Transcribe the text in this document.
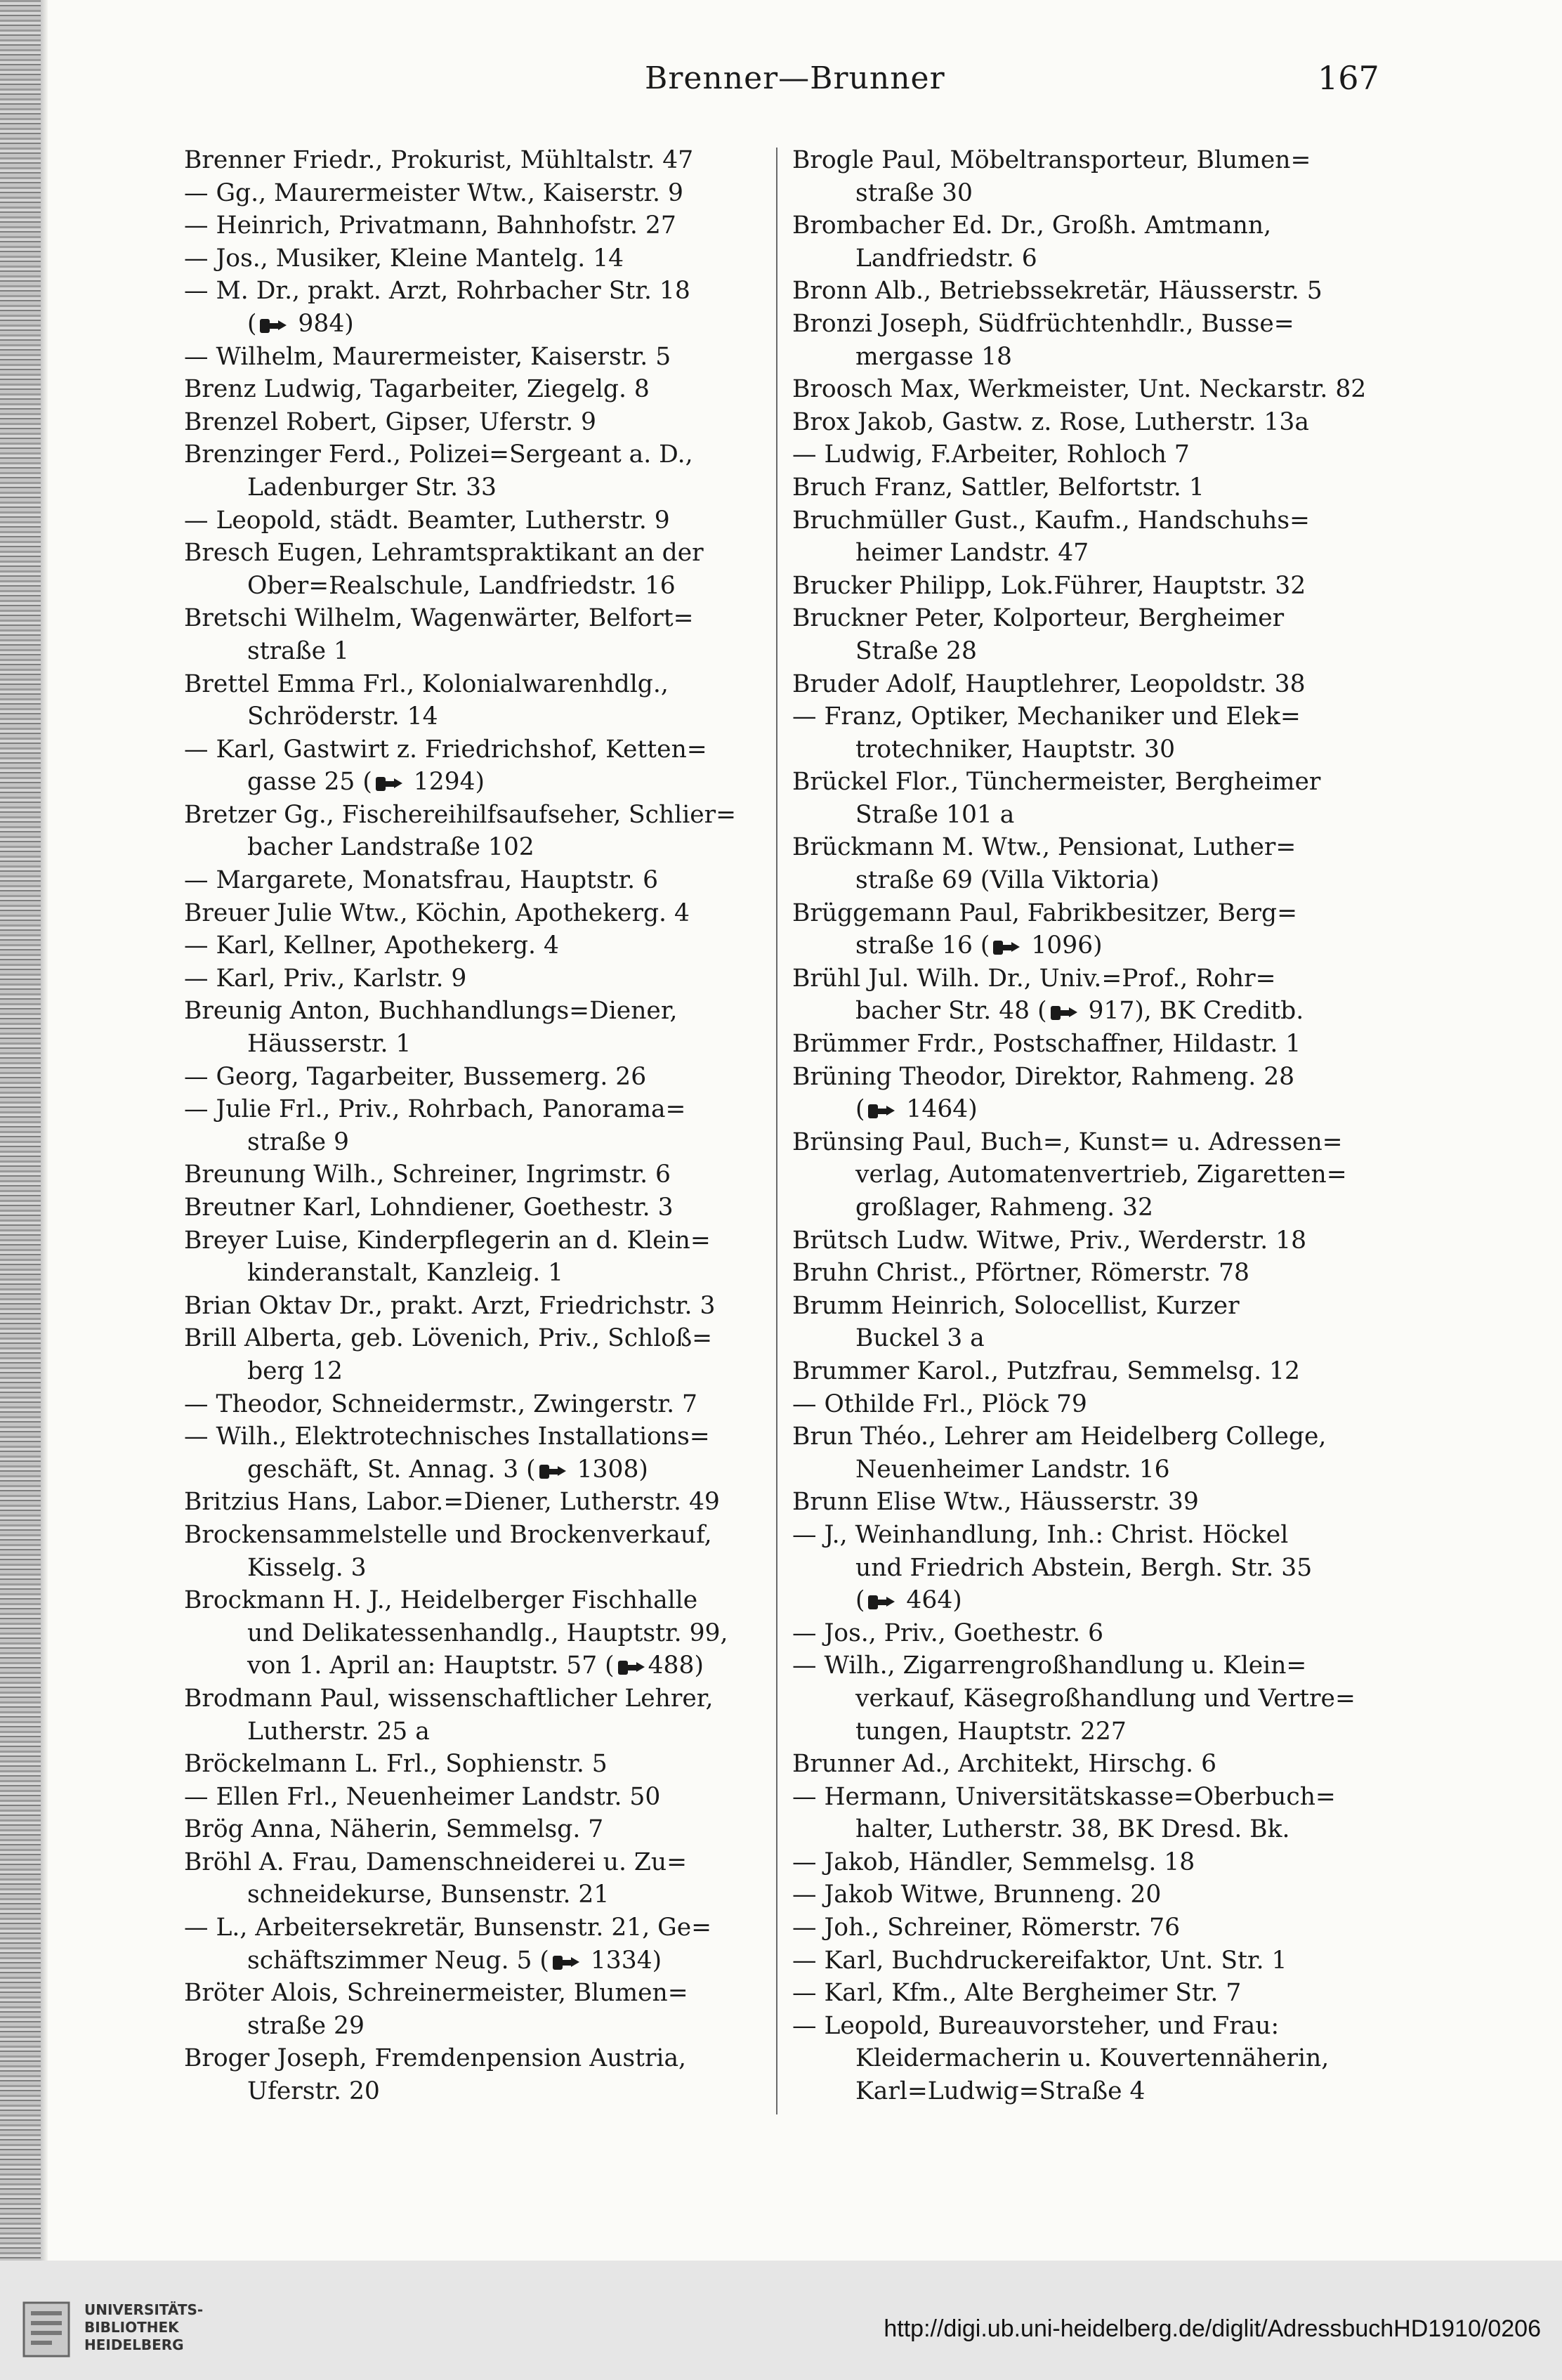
Brenner—Brunner	167
Brenner Friedr., Prokurist, Mühltalstr. 47
— Gg., Maurermeister Wtw., Kaiserstr. 9
— Heinrich, Privatmann, Bahnhofstr. 27
— Jos., Musiker, Kleine Mantelg. 14
— M. Dr., prakt. Arzt, Rohrbacher Str. 18
( 984)
— Wilhelm, Maurermeister, Kaiserstr. 5
Brenz Ludwig, Tagarbeiter, Ziegelg. 8
Brenzel Robert, Gipser, Uferstr. 9
Brenzinger Ferd., Polizei=Sergeant a. D.,
Ladenburger Str. 33
— Leopold, städt. Beamter, Lutherstr. 9
Bresch Eugen, Lehramtspraktikant an der
Ober=Realschule, Landfriedstr. 16
Bretschi Wilhelm, Wagenwärter, Belfort=
straße 1
Brettel Emma Frl., Kolonialwarenhdlg.,
Schröderstr. 14
— Karl, Gastwirt z. Friedrichshof, Ketten=
gasse 25 ( 1294)
Bretzer Gg., Fischereihilfsaufseher, Schlier=
bacher Landstraße 102
— Margarete, Monatsfrau, Hauptstr. 6
Breuer Julie Wtw., Köchin, Apothekerg. 4
— Karl, Kellner, Apothekerg. 4
— Karl, Priv., Karlstr. 9
Breunig Anton, Buchhandlungs=Diener,
Häusserstr. 1
— Georg, Tagarbeiter, Bussemerg. 26
— Julie Frl., Priv., Rohrbach, Panorama=
straße 9
Breunung Wilh., Schreiner, Ingrimstr. 6
Breutner Karl, Lohndiener, Goethestr. 3
Breyer Luise, Kinderpflegerin an d. Klein=
kinderanstalt, Kanzleig. 1
Brian Oktav Dr., prakt. Arzt, Friedrichstr. 3
Brill Alberta, geb. Lövenich, Priv., Schloß=
berg 12
— Theodor, Schneidermstr., Zwingerstr. 7
— Wilh., Elektrotechnisches Installations=
geschäft, St. Annag. 3 ( 1308)
Britzius Hans, Labor.=Diener, Lutherstr. 49
Brockensammelstelle und Brockenverkauf,
Kisselg. 3
Brockmann H. J., Heidelberger Fischhalle
und Delikatessenhandlg., Hauptstr. 99,
von 1. April an: Hauptstr. 57 ( 488)
Brodmann Paul, wissenschaftlicher Lehrer,
Lutherstr. 25 a
Bröckelmann L. Frl., Sophienstr. 5
— Ellen Frl., Neuenheimer Landstr. 50
Brög Anna, Näherin, Semmelsg. 7
Bröhl A. Frau, Damenschneiderei u. Zu=
schneidekurse, Bunsenstr. 21
— L., Arbeitersekretär, Bunsenstr. 21, Ge=
schäftszimmer Neug. 5 ( 1334)
Bröter Alois, Schreinermeister, Blumen=
straße 29
Broger Joseph, Fremdenpension Austria,
Uferstr. 20
Brogle Paul, Möbeltransporteur, Blumen=
straße 30
Brombacher Ed. Dr., Großh. Amtmann,
Landfriedstr. 6
Bronn Alb., Betriebssekretär, Häusserstr. 5
Bronzi Joseph, Südfrüchtenhdlr., Busse=
mergasse 18
Broosch Max, Werkmeister, Unt. Neckarstr. 82
Brox Jakob, Gastw. z. Rose, Lutherstr. 13a
— Ludwig, F.Arbeiter, Rohloch 7
Bruch Franz, Sattler, Belfortstr. 1
Bruchmüller Gust., Kaufm., Handschuhs=
heimer Landstr. 47
Brucker Philipp, Lok.Führer, Hauptstr. 32
Bruckner Peter, Kolporteur, Bergheimer
Straße 28
Bruder Adolf, Hauptlehrer, Leopoldstr. 38
— Franz, Optiker, Mechaniker und Elek=
trotechniker, Hauptstr. 30
Brückel Flor., Tünchermeister, Bergheimer
Straße 101 a
Brückmann M. Wtw., Pensionat, Luther=
straße 69 (Villa Viktoria)
Brüggemann Paul, Fabrikbesitzer, Berg=
straße 16 ( 1096)
Brühl Jul. Wilh. Dr., Univ.=Prof., Rohr=
bacher Str. 48 ( 917), BK Creditb.
Brümmer Frdr., Postschaffner, Hildastr. 1
Brüning Theodor, Direktor, Rahmeng. 28
( 1464)
Brünsing Paul, Buch=, Kunst= u. Adressen=
verlag, Automatenvertrieb, Zigaretten=
großlager, Rahmeng. 32
Brütsch Ludw. Witwe, Priv., Werderstr. 18
Bruhn Christ., Pförtner, Römerstr. 78
Brumm Heinrich, Solocellist, Kurzer
Buckel 3 a
Brummer Karol., Putzfrau, Semmelsg. 12
— Othilde Frl., Plöck 79
Brun Théo., Lehrer am Heidelberg College,
Neuenheimer Landstr. 16
Brunn Elise Wtw., Häusserstr. 39
— J., Weinhandlung, Inh.: Christ. Höckel
und Friedrich Abstein, Bergh. Str. 35
( 464)
— Jos., Priv., Goethestr. 6
— Wilh., Zigarrengroßhandlung u. Klein=
verkauf, Käsegroßhandlung und Vertre=
tungen, Hauptstr. 227
Brunner Ad., Architekt, Hirschg. 6
— Hermann, Universitätskasse=Oberbuch=
halter, Lutherstr. 38, BK Dresd. Bk.
— Jakob, Händler, Semmelsg. 18
— Jakob Witwe, Brunneng. 20
— Joh., Schreiner, Römerstr. 76
— Karl, Buchdruckereifaktor, Unt. Str. 1
— Karl, Kfm., Alte Bergheimer Str. 7
— Leopold, Bureauvorsteher, und Frau:
Kleidermacherin u. Kouvertennäherin,
Karl=Ludwig=Straße 4
UNIVERSITÄTS-
BIBLIOTHEK
HEIDELBERG
http://digi.ub.uni-heidelberg.de/diglit/AdressbuchHD1910/0206
